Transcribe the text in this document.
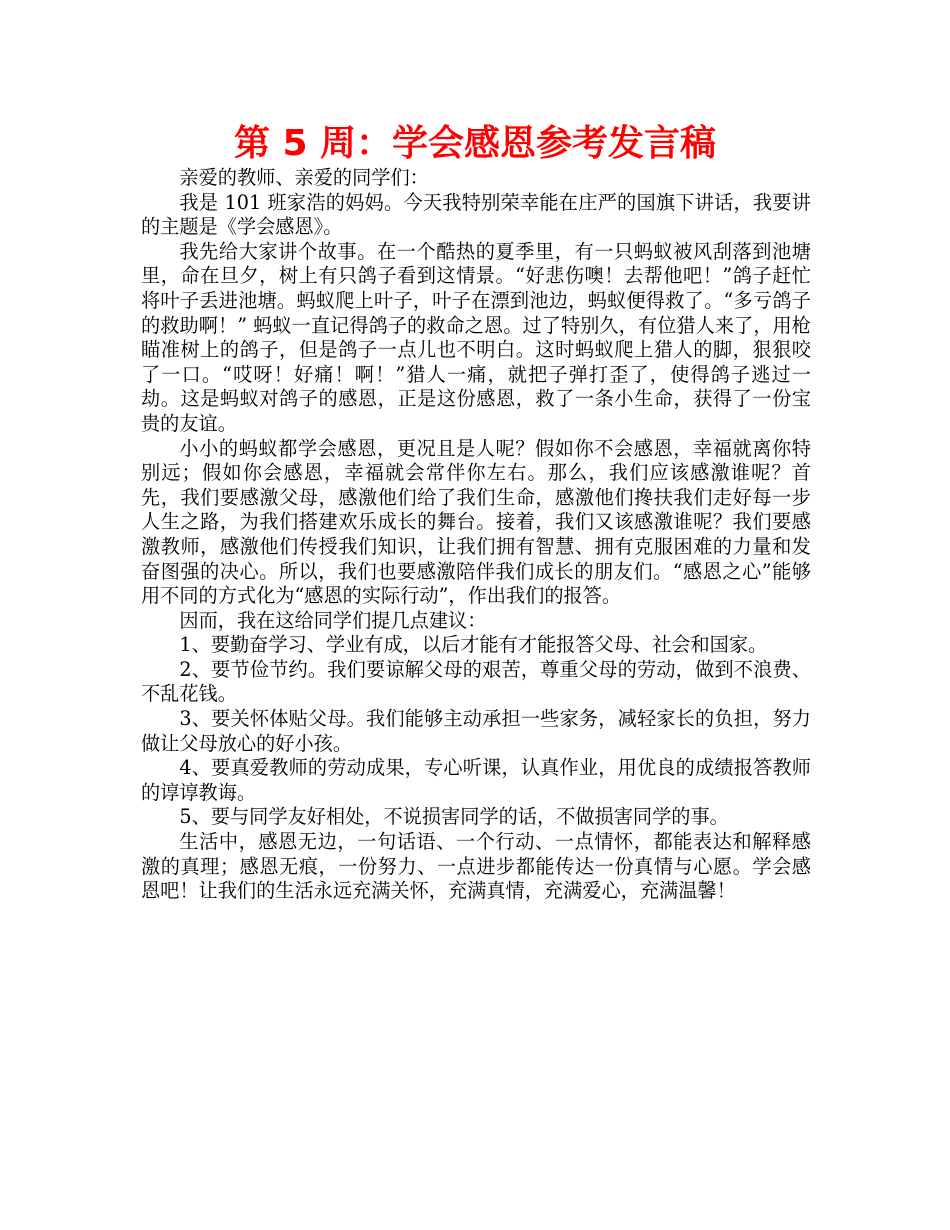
第 5 周：学会感恩参考发言稿

亲爱的教师、亲爱的同学们：

我是 101 班家浩的妈妈。今天我特别荣幸能在庄严的国旗下讲话，我要讲的主题是《学会感恩》。

我先给大家讲个故事。在一个酷热的夏季里，有一只蚂蚁被风刮落到池塘里，命在旦夕，树上有只鸽子看到这情景。“好悲伤噢！去帮他吧！”鸽子赶忙将叶子丢进池塘。蚂蚁爬上叶子，叶子在漂到池边，蚂蚁便得救了。“多亏鸽子的救助啊！” 蚂蚁一直记得鸽子的救命之恩。过了特别久，有位猎人来了，用枪瞄准树上的鸽子，但是鸽子一点儿也不明白。这时蚂蚁爬上猎人的脚，狠狠咬了一口。“哎呀！好痛！啊！”猎人一痛，就把子弹打歪了，使得鸽子逃过一劫。这是蚂蚁对鸽子的感恩，正是这份感恩，救了一条小生命，获得了一份宝贵的友谊。

小小的蚂蚁都学会感恩，更况且是人呢？假如你不会感恩，幸福就离你特别远；假如你会感恩，幸福就会常伴你左右。那么，我们应该感激谁呢？首先，我们要感激父母，感激他们给了我们生命，感激他们搀扶我们走好每一步人生之路，为我们搭建欢乐成长的舞台。接着，我们又该感激谁呢？我们要感激教师，感激他们传授我们知识，让我们拥有智慧、拥有克服困难的力量和发奋图强的决心。所以，我们也要感激陪伴我们成长的朋友们。“感恩之心”能够用不同的方式化为“感恩的实际行动”，作出我们的报答。

因而，我在这给同学们提几点建议：

1、要勤奋学习、学业有成，以后才能有才能报答父母、社会和国家。

2、要节俭节约。我们要谅解父母的艰苦，尊重父母的劳动，做到不浪费、不乱花钱。

3、要关怀体贴父母。我们能够主动承担一些家务，减轻家长的负担，努力做让父母放心的好小孩。

4、要真爱教师的劳动成果，专心听课，认真作业，用优良的成绩报答教师的谆谆教诲。

5、要与同学友好相处，不说损害同学的话，不做损害同学的事。

生活中，感恩无边，一句话语、一个行动、一点情怀，都能表达和解释感激的真理；感恩无痕，一份努力、一点进步都能传达一份真情与心愿。学会感恩吧！让我们的生活永远充满关怀，充满真情，充满爱心，充满温馨！
